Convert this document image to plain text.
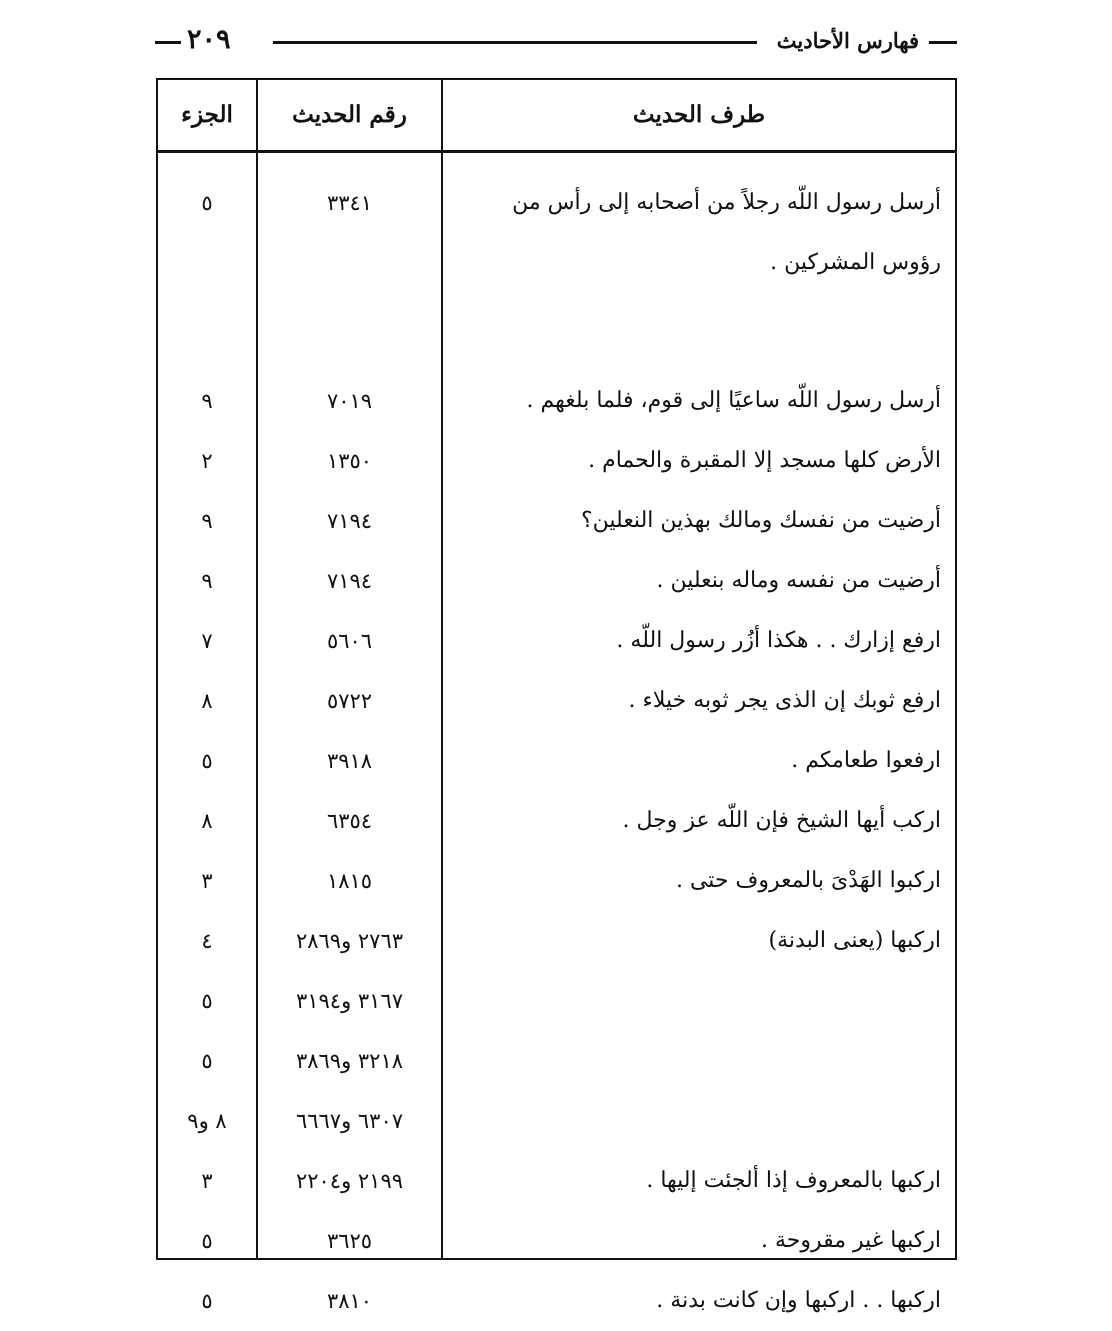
فهارس الأحاديث
٢٠٩
طرف الحديث
رقم الحديث
الجزء
أرسل رسول اللّه رجلاً من أصحابه إلى رأس من رؤوس المشركين .
٣٣٤١
٥
أرسل رسول اللّه ساعيًا إلى قوم، فلما بلغهم .
٧٠١٩
٩
الأرض كلها مسجد إلا المقبرة والحمام .
١٣٥٠
٢
أرضيت من نفسك ومالك بهذين النعلين؟
٧١٩٤
٩
أرضيت من نفسه وماله بنعلين .
٧١٩٤
٩
ارفع إزارك . . هكذا أزُر رسول اللّه .
٥٦٠٦
٧
ارفع ثوبك إن الذى يجر ثوبه خيلاء .
٥٧٢٢
٨
ارفعوا طعامكم .
٣٩١٨
٥
اركب أيها الشيخ فإن اللّه عز وجل .
٦٣٥٤
٨
اركبوا الهَدْىَ بالمعروف حتى .
١٨١٥
٣
اركبها (يعنى البدنة)
٢٧٦٣ و٢٨٦٩
٤
٣١٦٧ و٣١٩٤
٥
٣٢١٨ و٣٨٦٩
٥
٦٣٠٧ و٦٦٦٧
٨ و٩
اركبها بالمعروف إذا ألجئت إليها .
٢١٩٩ و٢٢٠٤
٣
اركبها غير مقروحة .
٣٦٢٥
٥
اركبها . . اركبها وإن كانت بدنة .
٣٨١٠
٥
